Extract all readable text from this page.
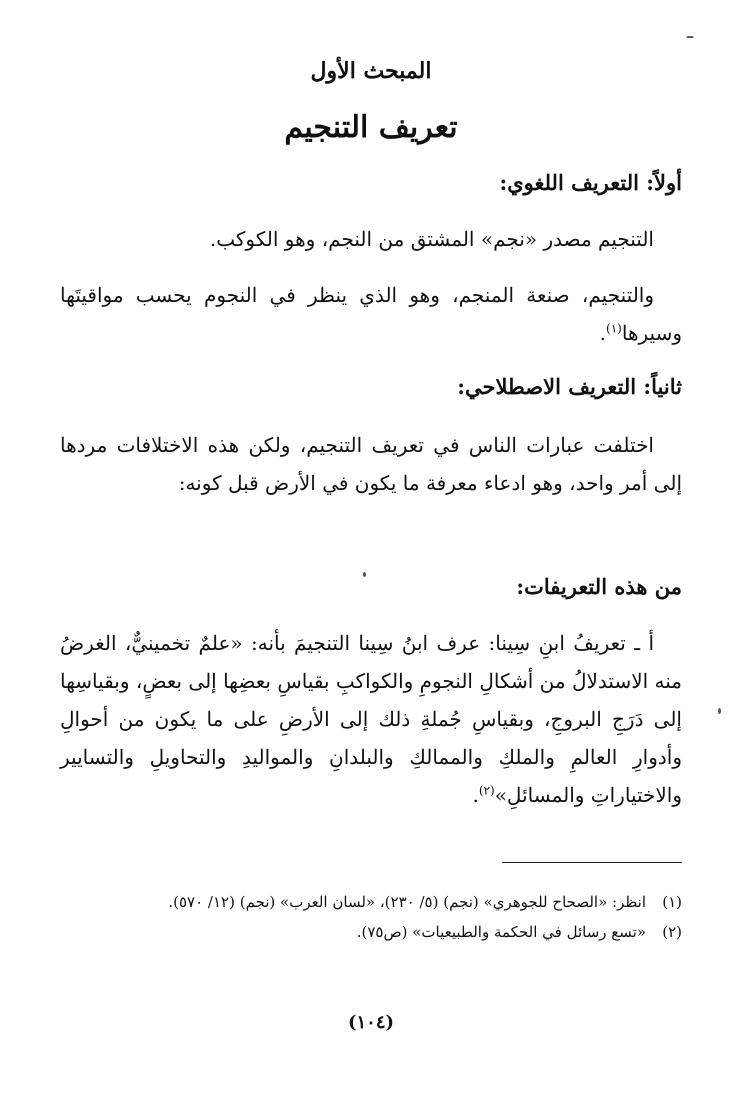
المبحث الأول
تعريف التنجيم
أولاً: التعريف اللغوي:
التنجيم مصدر «نجم» المشتق من النجم، وهو الكوكب.
والتنجيم، صنعة المنجم، وهو الذي ينظر في النجوم يحسب مواقيتَها وسيرها$^{(١)}$.
ثانياً: التعريف الاصطلاحي:
اختلفت عبارات الناس في تعريف التنجيم، ولكن هذه الاختلافات مردها إلى أمر واحد، وهو ادعاء معرفة ما يكون في الأرض قبل كونه:
من هذه التعريفات:
أ ـ تعريفُ ابنِ سِينا: عرف ابنُ سِينا التنجيمَ بأنه: «علمٌ تخمينيٌّ، الغرضُ منه الاستدلالُ من أشكالِ النجومِ والكواكبِ بقياسِ بعضِها إلى بعضٍ، وبقياسِها إلى دَرَجِ البروجِ، وبقياسِ جُملةِ ذلك إلى الأرضِ على ما يكون من أحوالِ وأدوارِ العالمِ والملكِ والممالكِ والبلدانِ والمواليدِ والتحاويلِ والتسايير والاختياراتِ والمسائلِ»$^{(٢)}$.
(١)انظر: «الصحاح للجوهري» (نجم) (٥/ ٢٣٠)، «لسان العرب» (نجم) (١٢/ ٥٧٠).
(٢)«تسع رسائل في الحكمة والطبيعيات» (ص٧٥).
(١٠٤)
